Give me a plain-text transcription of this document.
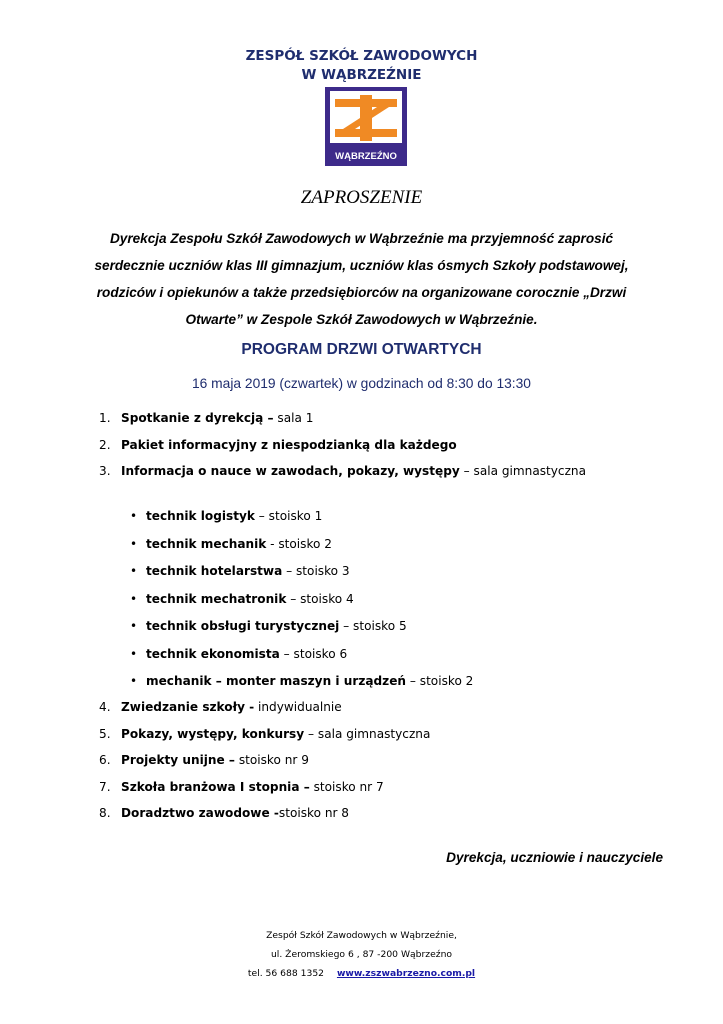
ZESPÓŁ SZKÓŁ ZAWODOWYCH
W WĄBRZEŹNIE
WĄBRZEŹNO
ZAPROSZENIE
Dyrekcja Zespołu Szkół Zawodowych w Wąbrzeźnie ma przyjemność zaprosić
serdecznie uczniów klas III gimnazjum, uczniów klas ósmych Szkoły podstawowej,
rodziców i opiekunów a także przedsiębiorców na organizowane corocznie „Drzwi
Otwarte” w Zespole Szkół Zawodowych w Wąbrzeźnie.
PROGRAM DRZWI OTWARTYCH
16 maja 2019 (czwartek) w godzinach od 8:30 do 13:30
1. Spotkanie z dyrekcją – sala 1
2. Pakiet informacyjny z niespodzianką dla każdego
3. Informacja o nauce w zawodach, pokazy, występy – sala gimnastyczna
• technik logistyk – stoisko 1
• technik mechanik - stoisko 2
• technik hotelarstwa – stoisko 3
• technik mechatronik – stoisko 4
• technik obsługi turystycznej – stoisko 5
• technik ekonomista – stoisko 6
• mechanik – monter maszyn i urządzeń – stoisko 2
4. Zwiedzanie szkoły - indywidualnie
5. Pokazy, występy, konkursy – sala gimnastyczna
6. Projekty unijne – stoisko nr 9
7. Szkoła branżowa I stopnia – stoisko nr 7
8. Doradztwo zawodowe -stoisko nr 8
Dyrekcja, uczniowie i nauczyciele
Zespół Szkół Zawodowych w Wąbrzeźnie,
ul. Żeromskiego 6 , 87 -200 Wąbrzeźno
tel. 56 688 1352 www.zszwabrzezno.com.pl
